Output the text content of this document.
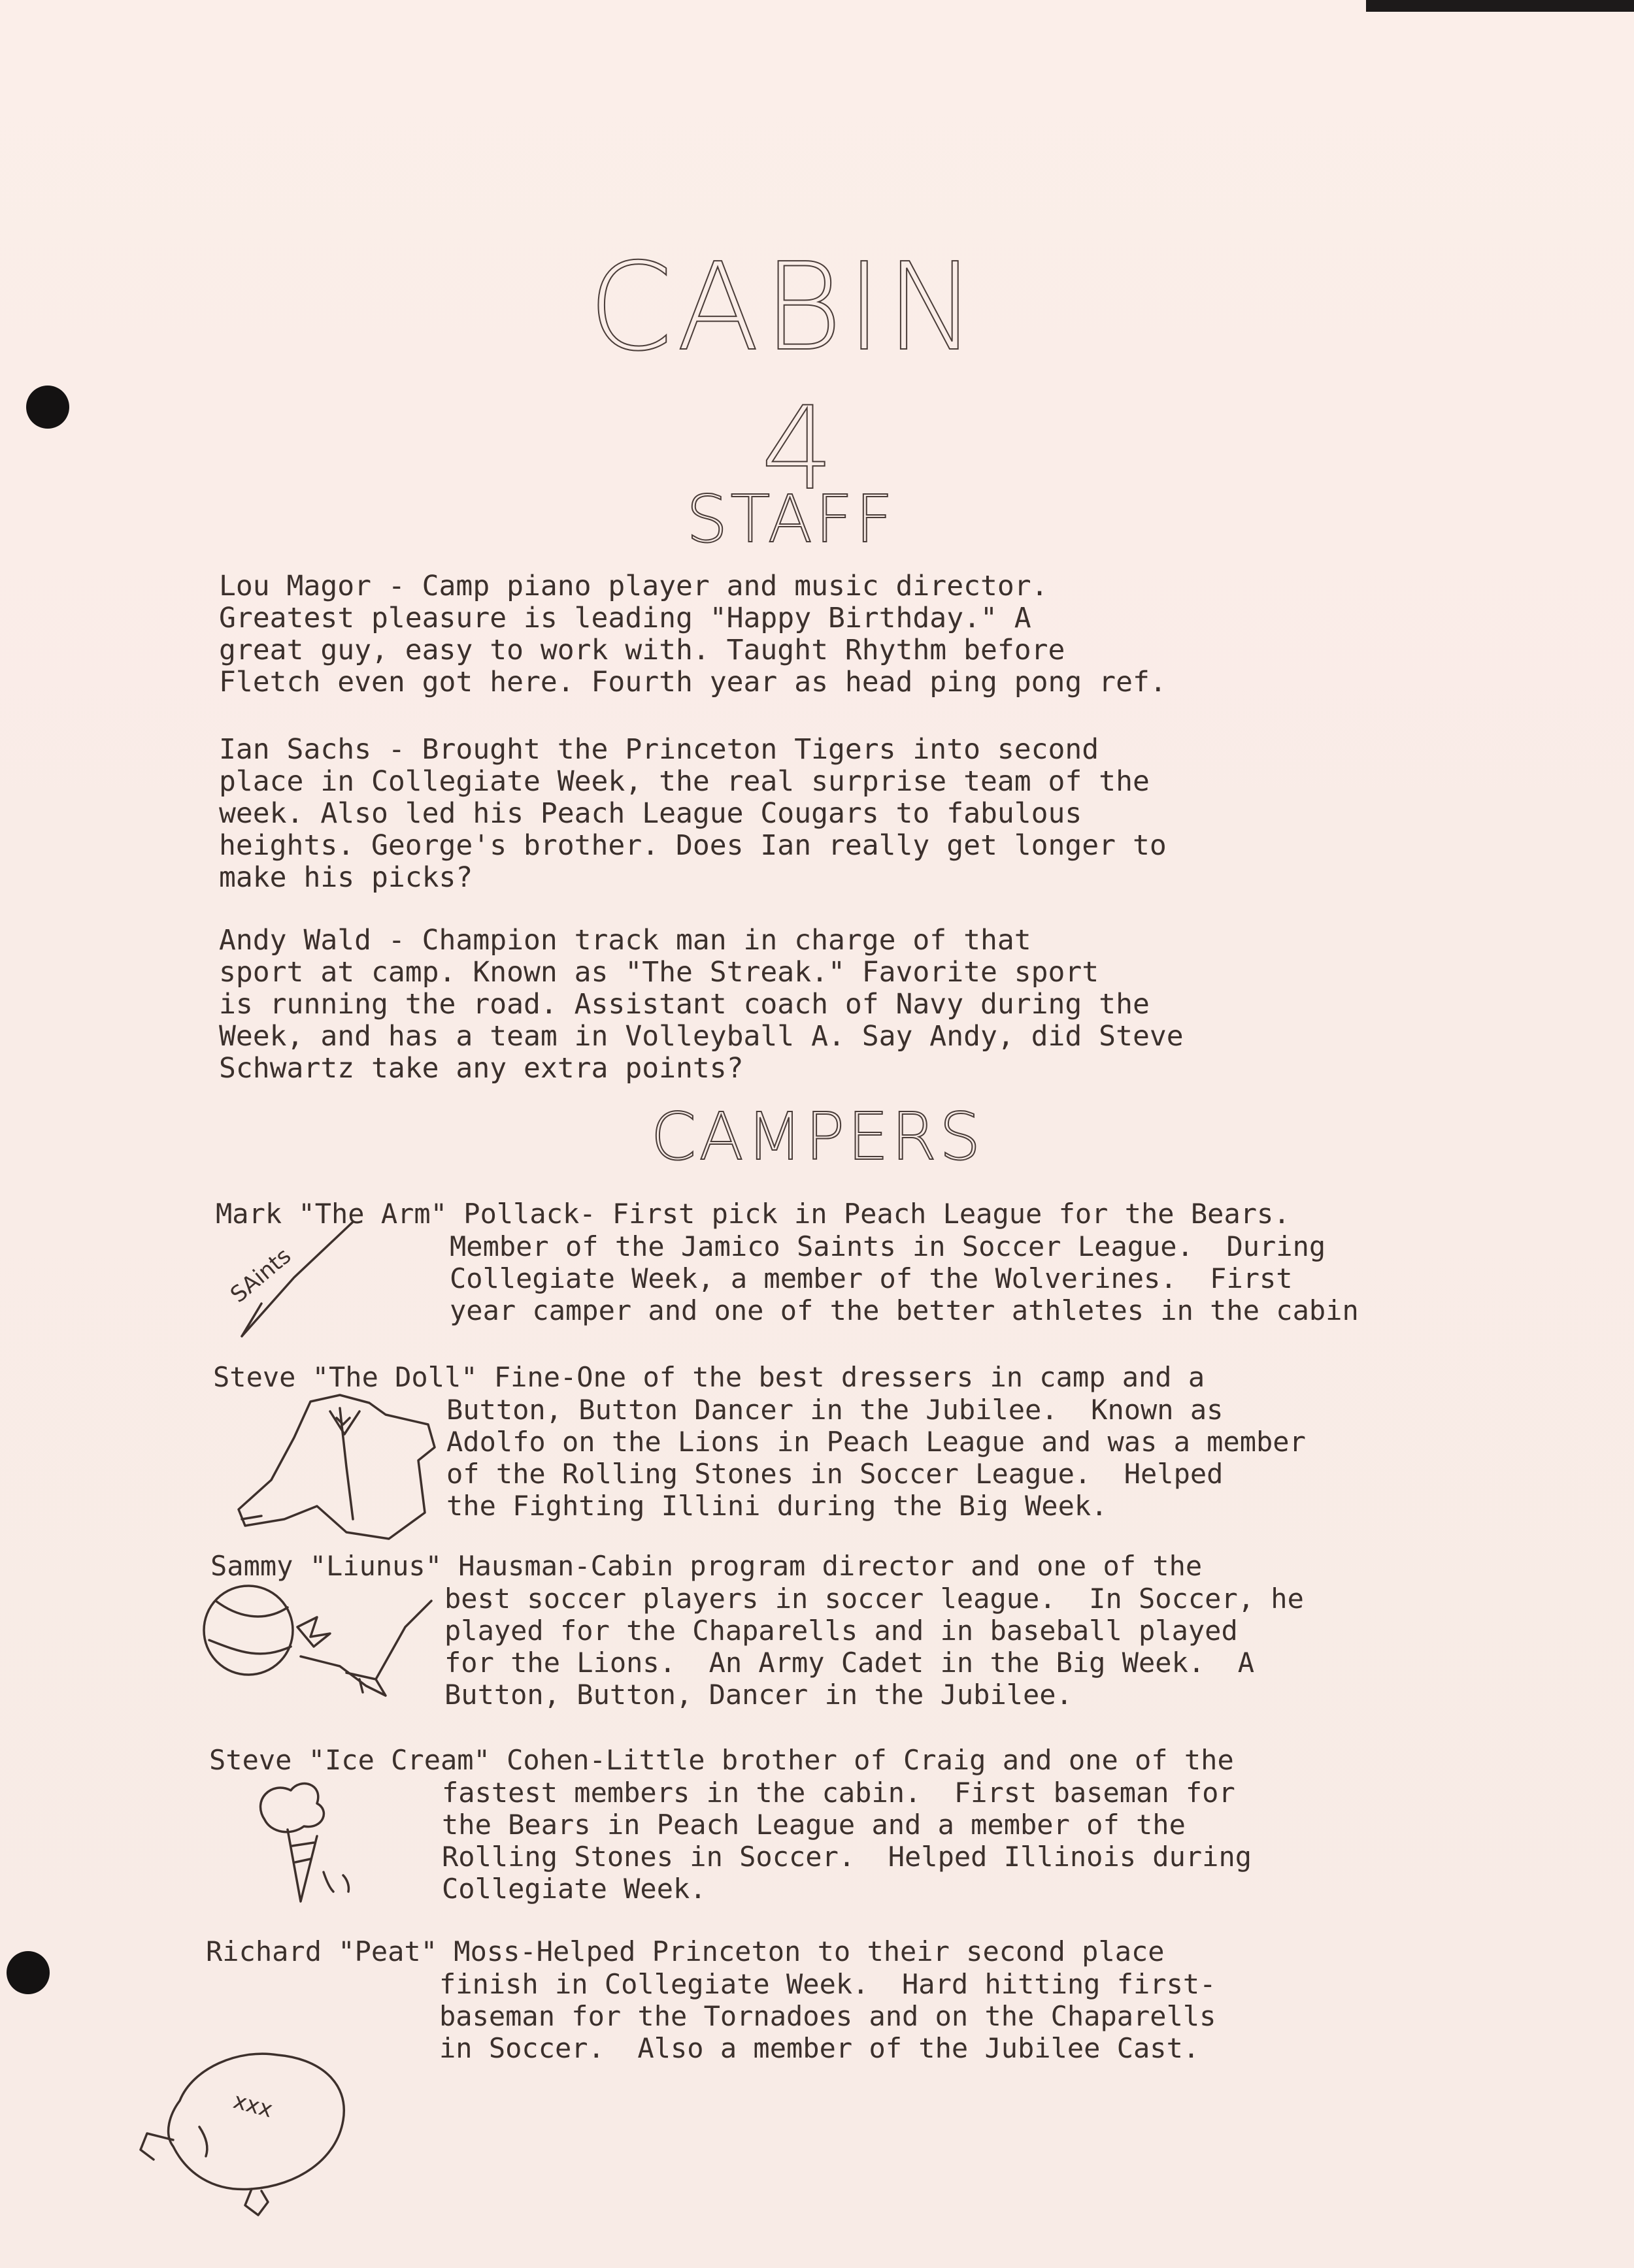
CABIN
4
STAFF
Lou Magor - Camp piano player and music director.
Greatest pleasure is leading "Happy Birthday." A
great guy, easy to work with. Taught Rhythm before
Fletch even got here. Fourth year as head ping pong ref.
Ian Sachs - Brought the Princeton Tigers into second
place in Collegiate Week, the real surprise team of the
week. Also led his Peach League Cougars to fabulous
heights. George's brother. Does Ian really get longer to
make his picks?
Andy Wald - Champion track man in charge of that
sport at camp. Known as "The Streak." Favorite sport
is running the road. Assistant coach of Navy during the
Week, and has a team in Volleyball A. Say Andy, did Steve
Schwartz take any extra points?
CAMPERS
Mark "The Arm" Pollack- First pick in Peach League for the Bears.
Member of the Jamico Saints in Soccer League.  During
Collegiate Week, a member of the Wolverines.  First
year camper and one of the better athletes in the cabin
SAints
Steve "The Doll" Fine-One of the best dressers in camp and a
Button, Button Dancer in the Jubilee.  Known as
Adolfo on the Lions in Peach League and was a member
of the Rolling Stones in Soccer League.  Helped
the Fighting Illini during the Big Week.
Sammy "Liunus" Hausman-Cabin program director and one of the
best soccer players in soccer league.  In Soccer, he
played for the Chaparells and in baseball played
for the Lions.  An Army Cadet in the Big Week.  A
Button, Button, Dancer in the Jubilee.
Steve "Ice Cream" Cohen-Little brother of Craig and one of the
fastest members in the cabin.  First baseman for
the Bears in Peach League and a member of the
Rolling Stones in Soccer.  Helped Illinois during
Collegiate Week.
Richard "Peat" Moss-Helped Princeton to their second place
finish in Collegiate Week.  Hard hitting first-
baseman for the Tornadoes and on the Chaparells
in Soccer.  Also a member of the Jubilee Cast.
xxx
